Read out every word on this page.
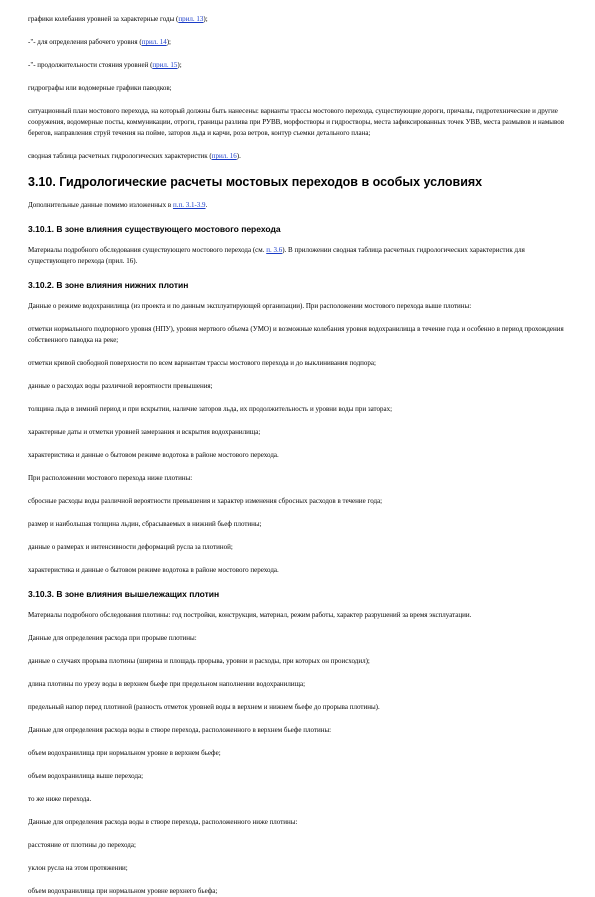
графики колебания уровней за характерные годы (прил. 13);

-"- для определения рабочего уровня (прил. 14);

-"- продолжительности стояния уровней (прил. 15);

гидрографы или водомерные графики паводков;

ситуационный план мостового перехода, на который должны быть нанесены: варианты трассы мостового перехода, существующие дороги, причалы, гидротехнические и другие сооружения, водомерные посты, коммуникации, отроги, границы разлива при РУВВ, морфостворы и гидростворы, места зафиксированных точек УВВ, места размывов и намывов берегов, направления струй течения на пойме, заторов льда и карчи, роза ветров, контур съемки детального плана;

сводная таблица расчетных гидрологических характеристик (прил. 16).

3.10. Гидрологические расчеты мостовых переходов в особых условиях

Дополнительные данные помимо изложенных в п.п. 3.1-3.9.

3.10.1. В зоне влияния существующего мостового перехода

Материалы подробного обследования существующего мостового перехода (см. п. 3.6). В приложении сводная таблица расчетных гидрологических характеристик для существующего перехода (прил. 16).

3.10.2. В зоне влияния нижних плотин

Данные о режиме водохранилища (из проекта и по данным эксплуатирующей организации). При расположении мостового перехода выше плотины:

отметки нормального подпорного уровня (НПУ), уровня мертвого объема (УМО) и возможные колебания уровня водохранилища в течение года и особенно в период прохождения собственного паводка на реке;

отметки кривой свободной поверхности по всем вариантам трассы мостового перехода и до выклинивания подпора;

данные о расходах воды различной вероятности превышения;

толщина льда в зимний период и при вскрытии, наличие заторов льда, их продолжительность и уровни воды при заторах;

характерные даты и отметки уровней замерзания и вскрытия водохранилища;

характеристика и данные о бытовом режиме водотока в районе мостового перехода.

При расположении мостового перехода ниже плотины:

сбросные расходы воды различной вероятности превышения и характер изменения сбросных расходов в течение года;

размер и наибольшая толщина льдин, сбрасываемых в нижний бьеф плотины;

данные о размерах и интенсивности деформаций русла за плотиной;

характеристика и данные о бытовом режиме водотока в районе мостового перехода.

3.10.3. В зоне влияния вышележащих плотин

Материалы подробного обследования плотины: год постройки, конструкция, материал, режим работы, характер разрушений за время эксплуатации.

Данные для определения расхода при прорыве плотины:

данные о случаях прорыва плотины (ширина и площадь прорыва, уровни и расходы, при которых он происходил);

длина плотины по урезу воды в верхнем бьефе при предельном наполнении водохранилища;

предельный напор перед плотиной (разность отметок уровней воды в верхнем и нижнем бьефе до прорыва плотины).

Данные для определения расхода воды в створе перехода, расположенного в верхнем бьефе плотины:

объем водохранилища при нормальном уровне в верхнем бьефе;

объем водохранилища выше перехода;

то же ниже перехода.

Данные для определения расхода воды в створе перехода, расположенного ниже плотины:

расстояние от плотины до перехода;

уклон русла на этом протяжении;

объем водохранилища при нормальном уровне верхнего бьефа;
